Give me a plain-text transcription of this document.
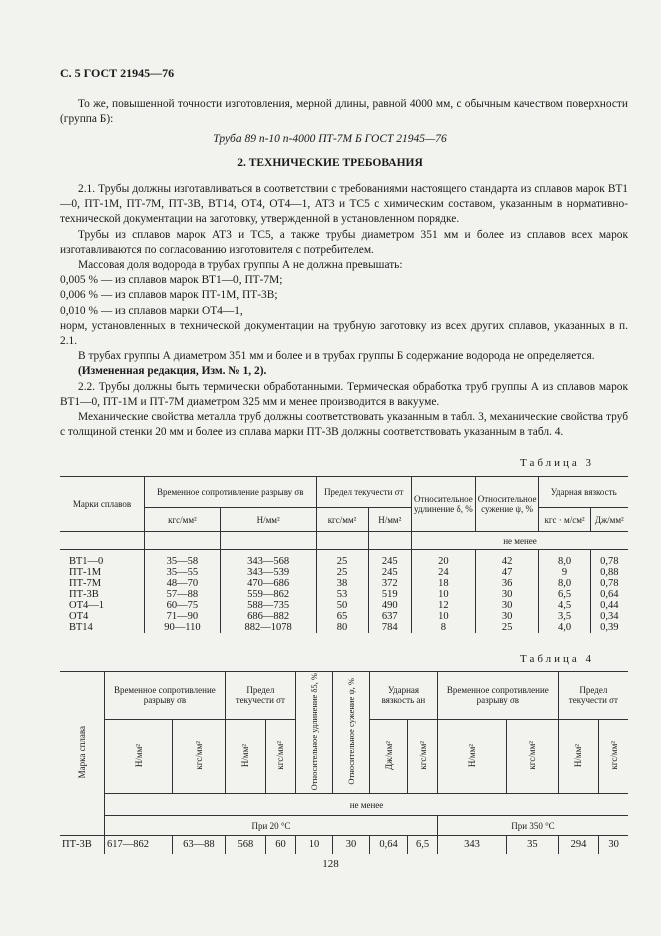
С. 5 ГОСТ 21945—76
То же, повышенной точности изготовления, мерной длины, равной 4000 мм, с обычным качеством поверхности (группа Б):
Труба 89 п-10 п-4000 ПТ-7М Б ГОСТ 21945—76
2. ТЕХНИЧЕСКИЕ ТРЕБОВАНИЯ
2.1. Трубы должны изготавливаться в соответствии с требованиями настоящего стандарта из сплавов марок ВТ1—0, ПТ-1М, ПТ-7М, ПТ-3В, ВТ14, ОТ4, ОТ4—1, АТ3 и ТС5 с химическим составом, указанным в нормативно-технической документации на заготовку, утвержденной в установленном порядке.
Трубы из сплавов марок АТ3 и ТС5, а также трубы диаметром 351 мм и более из сплавов всех марок изготавливаются по согласованию изготовителя с потребителем.
Массовая доля водорода в трубах группы А не должна превышать:
0,005 % — из сплавов марок ВТ1—0, ПТ-7М;
0,006 % — из сплавов марок ПТ-1М, ПТ-3В;
0,010 % — из сплавов марки ОТ4—1,
норм, установленных в технической документации на трубную заготовку из всех других сплавов, указанных в п. 2.1.
В трубах группы А диаметром 351 мм и более и в трубах группы Б содержание водорода не определяется.
(Измененная редакция, Изм. № 1, 2).
2.2. Трубы должны быть термически обработанными. Термическая обработка труб группы А из сплавов марок ВТ1—0, ПТ-1М и ПТ-7М диаметром 325 мм и менее производится в вакууме.
Механические свойства металла труб должны соответствовать указанным в табл. 3, механические свойства труб с толщиной стенки 20 мм и более из сплава марки ПТ-3В должны соответствовать указанным в табл. 4.
Таблица 3
Марки сплавов	Временное сопротивление разрыву σв		Предел текучести σт		Относительное удлинение δ, %	Относительное сужение ψ, %	Ударная вязкость	
	кгс/мм²	Н/мм²	кгс/мм²	Н/мм²			кгс · м/см²	Дж/мм²
					не менее			

ВТ1—0	35—58	343—568	25	245	20	42	8,0	0,78
ПТ-1М	35—55	343—539	25	245	24	47	9	0,88
ПТ-7М	48—70	470—686	38	372	18	36	8,0	0,78
ПТ-3В	57—88	559—862	53	519	10	30	6,5	0,64
ОТ4—1	60—75	588—735	50	490	12	30	4,5	0,44
ОТ4	71—90	686—882	65	637	10	30	3,5	0,34
ВТ14	90—110	882—1078	80	784	8	25	4,0	0,39
Таблица 4
Марка сплава	Временное сопротивление разрыву σв		Предел текучести σт		Относительное удлинение δ5, %	Относительное сужение ψ, %	Ударная вязкость ан		Временное сопротивление разрыву σв		Предел текучести σт	
	Н/мм²	кгс/мм²	Н/мм²	кгс/мм²			Дж/мм²	кгс/мм²	Н/мм²	кгс/мм²	Н/мм²	кгс/мм²
	не менее											
	При 20 °С								При 350 °С			
ПТ-3В	617—862	63—88	568	60	10	30	0,64	6,5	343	35	294	30
128
